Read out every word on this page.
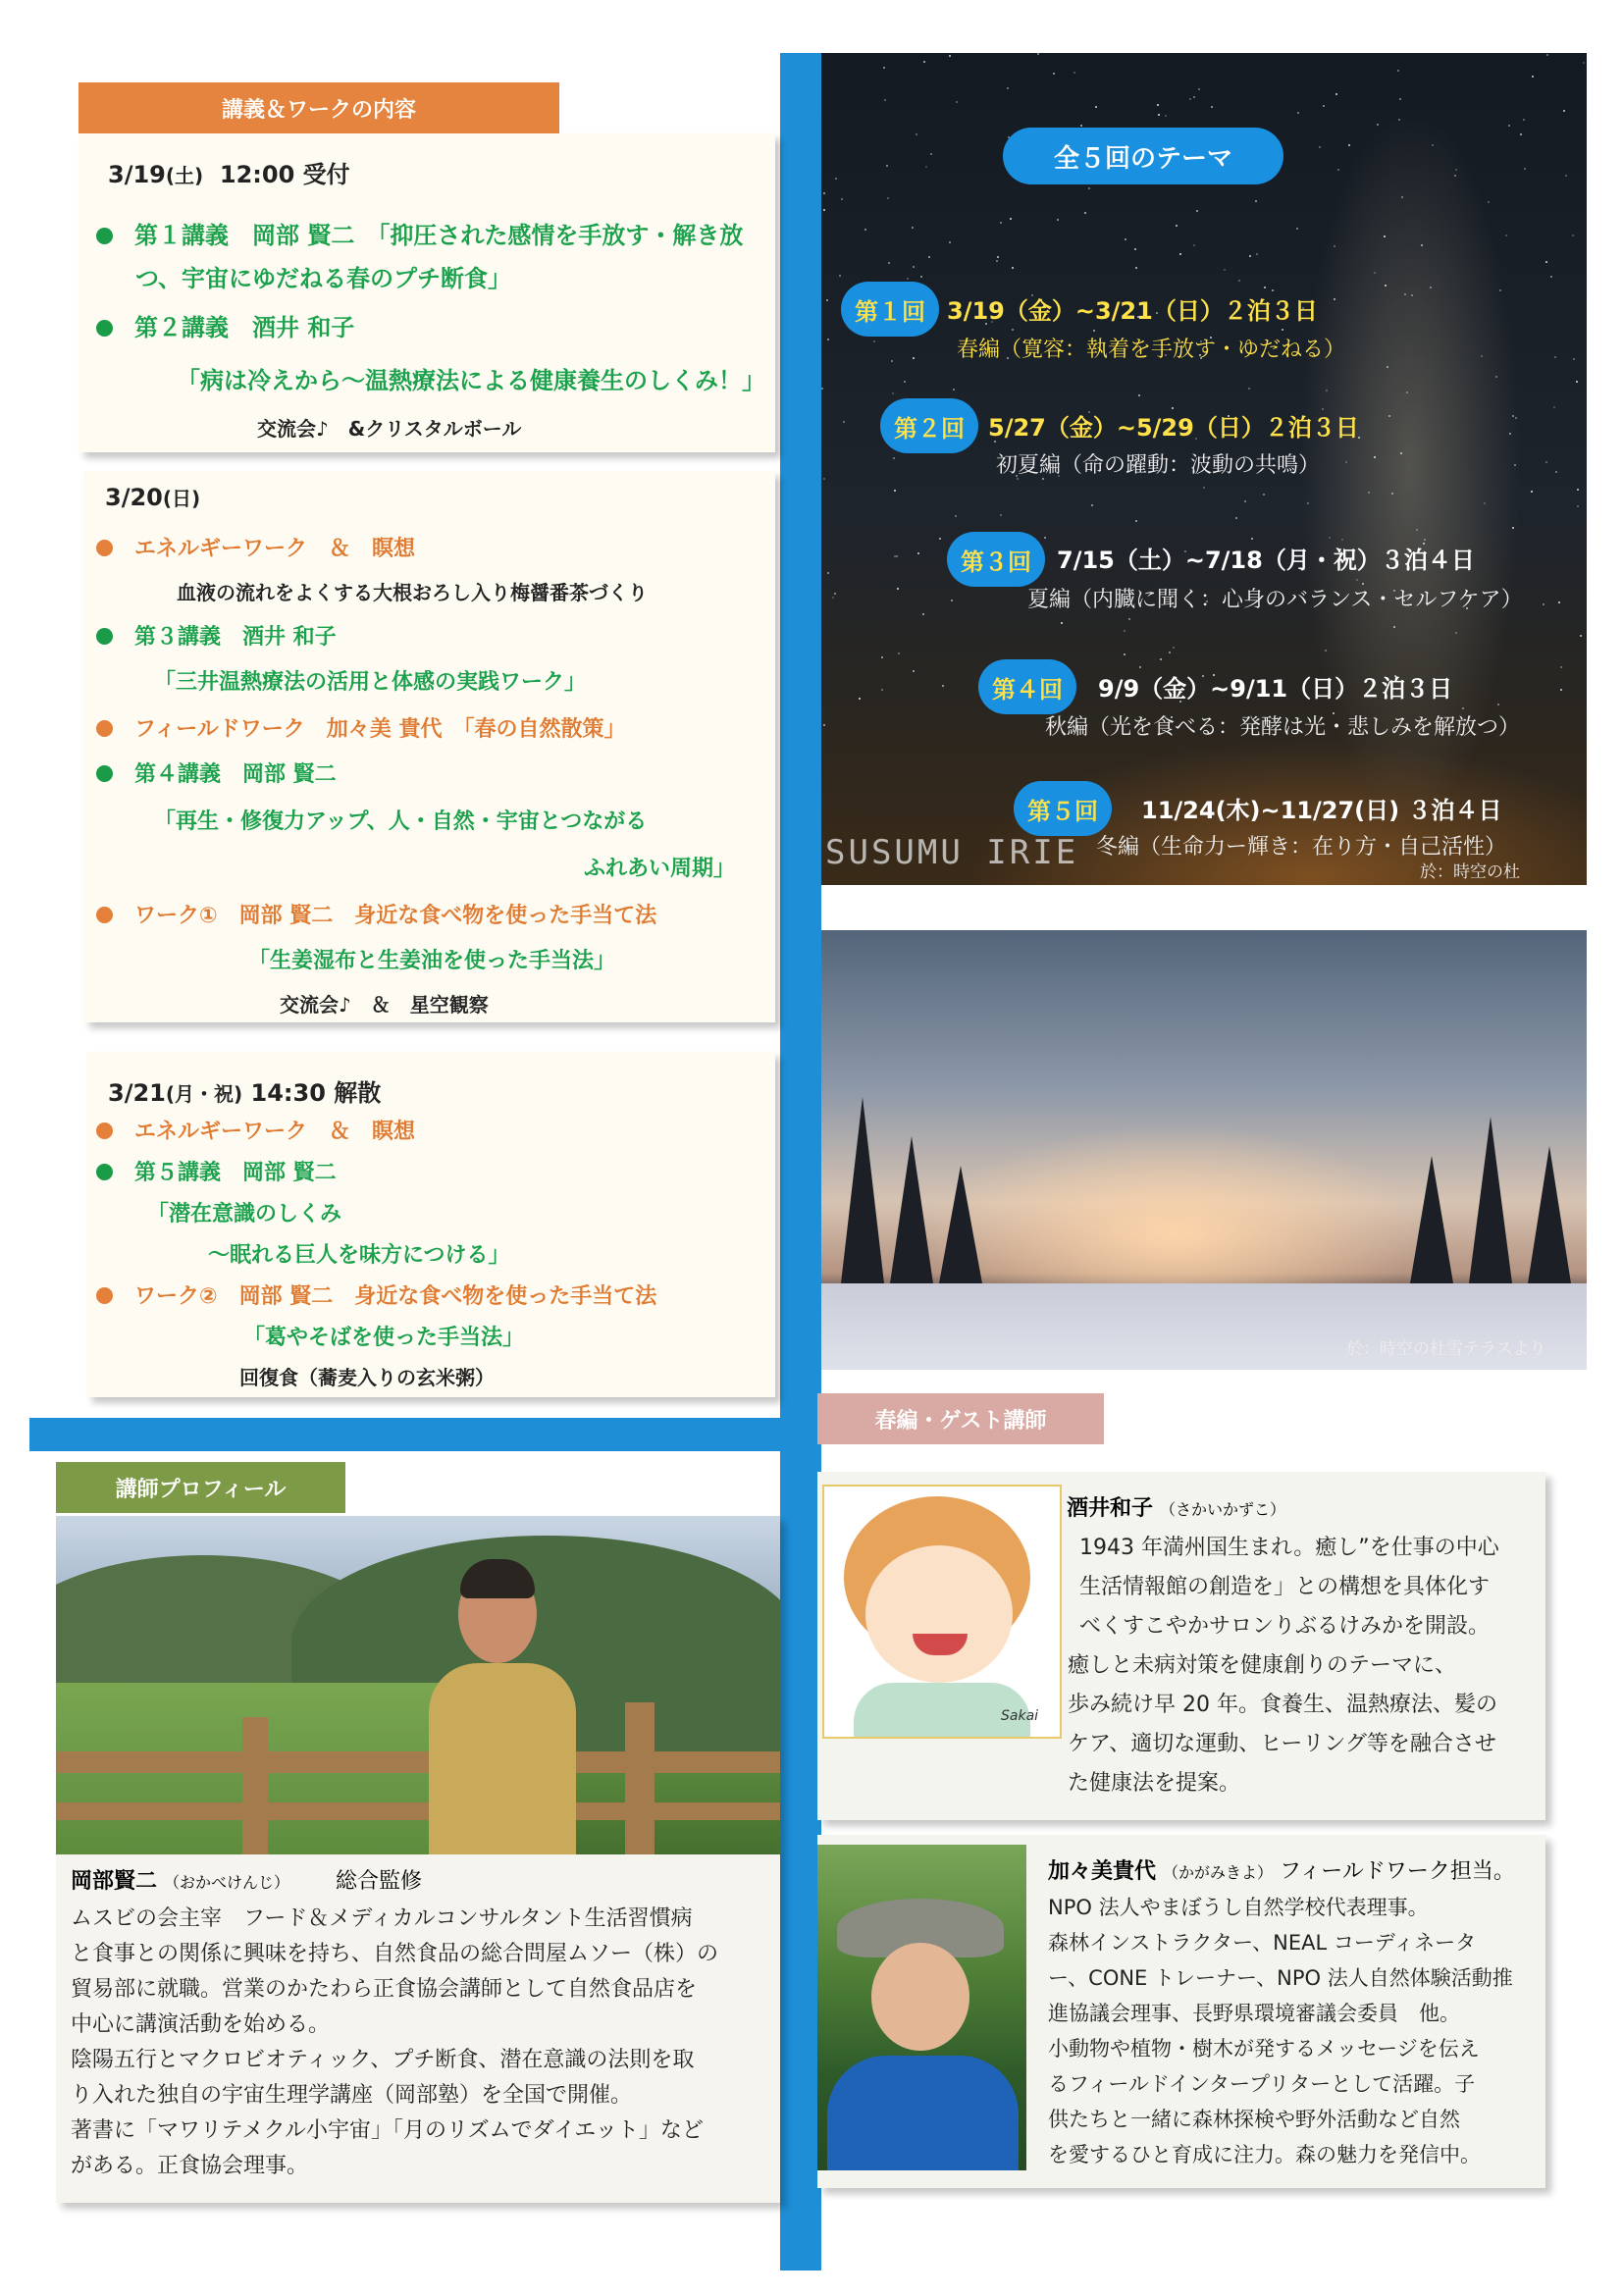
講義＆ワークの内容
3/19(土) 12:00 受付
第１講義　岡部 賢二　「抑圧された感情を手放す・解き放
つ、宇宙にゆだねる春のプチ断食」
第２講義　酒井 和子
「病は冷えから～温熱療法による健康養生のしくみ！」
交流会♪　&クリスタルボール
3/20(日)
エネルギーワーク　＆　瞑想
血液の流れをよくする大根おろし入り梅醤番茶づくり
第３講義　酒井 和子
「三井温熱療法の活用と体感の実践ワーク」
フィールドワーク　加々美 貴代　「春の自然散策」
第４講義　岡部 賢二
「再生・修復力アップ、人・自然・宇宙とつながる
ふれあい周期」
ワーク①　岡部 賢二　身近な食べ物を使った手当て法
「生姜湿布と生姜油を使った手当法」
交流会♪　＆　星空観察
3/21(月・祝) 14:30 解散
エネルギーワーク　＆　瞑想
第５講義　岡部 賢二
「潜在意識のしくみ
～眠れる巨人を味方につける」
ワーク②　岡部 賢二　身近な食べ物を使った手当て法
「葛やそばを使った手当法」
回復食（蕎麦入りの玄米粥）
全５回のテーマ
第１回 3/19（金）~3/21（日）２泊３日
春編（寛容：執着を手放す・ゆだねる）
第２回 5/27（金）~5/29（日）２泊３日
初夏編（命の躍動：波動の共鳴）
第３回 7/15（土）~7/18（月・祝）３泊４日
夏編（内臓に聞く：心身のバランス・セルフケア）
第４回 9/9（金）~9/11（日）２泊３日
秋編（光を食べる：発酵は光・悲しみを解放つ）
第５回 11/24(木)~11/27(日) ３泊４日
冬編（生命力ー輝き：在り方・自己活性）
SUSUMU IRIE	於：時空の杜
於：時空の杜雪テラスより
講師プロフィール
岡部賢二 （おかべけんじ） 総合監修
ムスビの会主宰　フード＆メディカルコンサルタント生活習慣病
と食事との関係に興味を持ち、自然食品の総合問屋ムソー（株）の
貿易部に就職。営業のかたわら正食協会講師として自然食品店を
中心に講演活動を始める。
陰陽五行とマクロビオティック、プチ断食、潜在意識の法則を取
り入れた独自の宇宙生理学講座（岡部塾）を全国で開催。
著書に「マワリテメクル小宇宙」「月のリズムでダイエット」など
がある。正食協会理事。
春編・ゲスト講師
Sakai
酒井和子 （さかいかずこ）
1943 年満州国生まれ。癒し”を仕事の中心
生活情報館の創造を」との構想を具体化す
べくすこやかサロンりぶるけみかを開設。
癒しと未病対策を健康創りのテーマに、
歩み続け早 20 年。食養生、温熱療法、髪の
ケア、適切な運動、ヒーリング等を融合させ
た健康法を提案。
加々美貴代 （かがみきよ） フィールドワーク担当。
NPO 法人やまぼうし自然学校代表理事。
森林インストラクター、NEAL コーディネータ
ー、CONE トレーナー、NPO 法人自然体験活動推
進協議会理事、長野県環境審議会委員　他。
小動物や植物・樹木が発するメッセージを伝え
るフィールドインタープリターとして活躍。子
供たちと一緒に森林探検や野外活動など自然
を愛するひと育成に注力。森の魅力を発信中。
